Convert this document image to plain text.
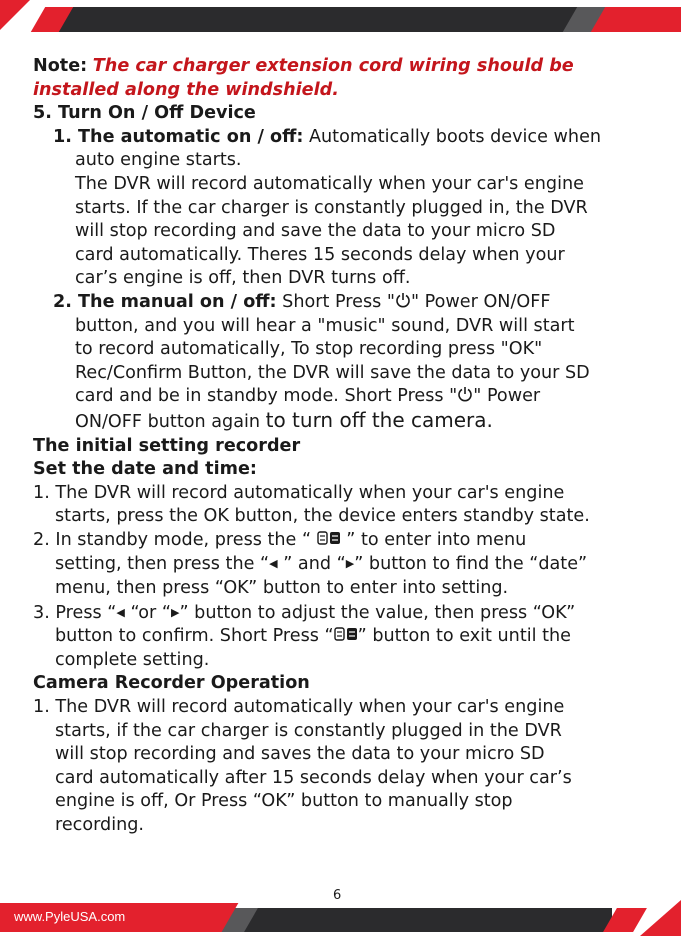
Note: The car charger extension cord wiring should be

installed along the windshield.

5. Turn On / Off Device

1. The automatic on / off: Automatically boots device when

auto engine starts.

The DVR will record automatically when your car's engine

starts. If the car charger is constantly plugged in, the DVR

will stop recording and save the data to your micro SD

card automatically. Theres 15 seconds delay when your

car’s engine is off, then DVR turns off.

2. The manual on / off: Short Press " " Power ON/OFF

button, and you will hear a "music" sound, DVR will start

to record automatically, To stop recording press "OK"

Rec/Confirm Button, the DVR will save the data to your SD

card and be in standby mode. Short Press " " Power

ON/OFF button again to turn off the camera.

The initial setting recorder

Set the date and time:

1. The DVR will record automatically when your car's engine

starts, press the OK button, the device enters standby state.

2. In standby mode, press the “  ” to enter into menu

setting, then press the “◀ ” and “▶” button to find the “date”

menu, then press “OK” button to enter into setting.

3. Press “◀ “or “▶” button to adjust the value, then press “OK”

button to confirm. Short Press “ ” button to exit until the

complete setting.

Camera Recorder Operation

1. The DVR will record automatically when your car's engine

starts, if the car charger is constantly plugged in the DVR

will stop recording and saves the data to your micro SD

card automatically after 15 seconds delay when your car’s

engine is off, Or Press “OK” button to manually stop

recording.

6
www.PyleUSA.com
